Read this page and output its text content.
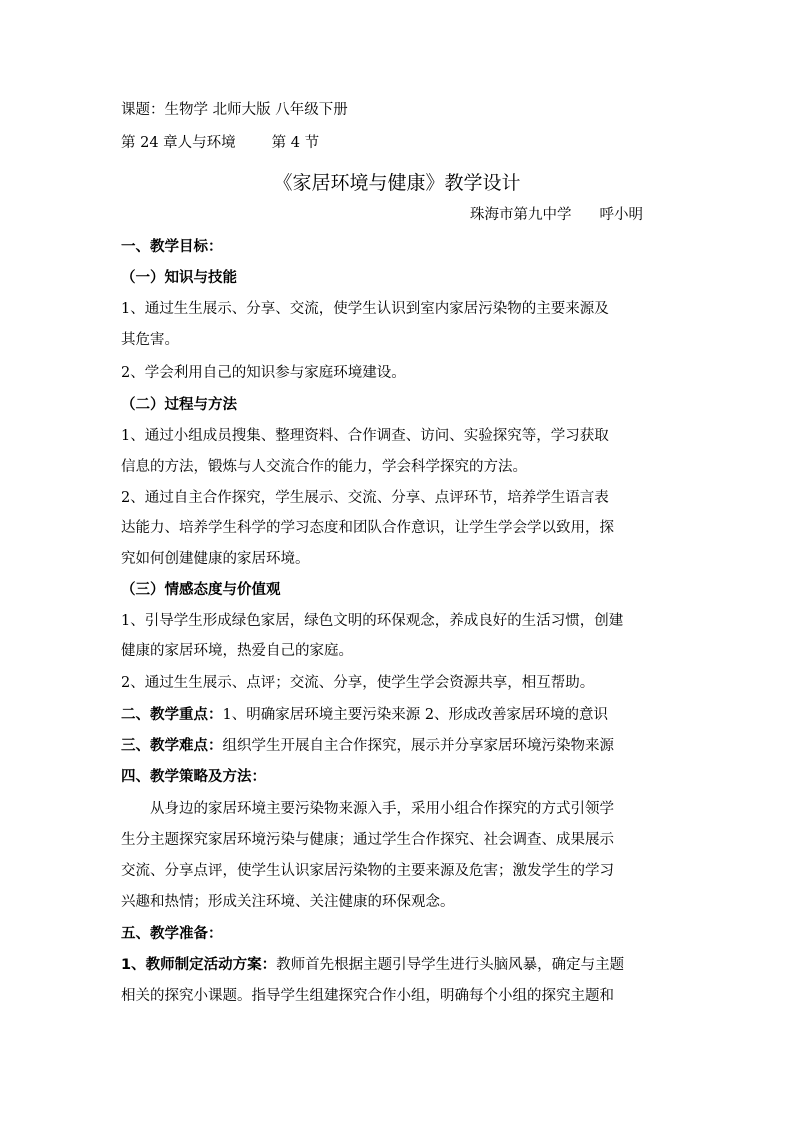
课题：生物学 北师大版 八年级下册
第 24 章人与环境 第 4 节
《家居环境与健康》教学设计
珠海市第九中学 呼小明
一、教学目标：
（一）知识与技能
1、通过生生展示、分享、交流，使学生认识到室内家居污染物的主要来源及
其危害。
2、学会利用自己的知识参与家庭环境建设。
（二）过程与方法
1、通过小组成员搜集、整理资料、合作调查、访问、实验探究等，学习获取
信息的方法，锻炼与人交流合作的能力，学会科学探究的方法。
2、通过自主合作探究，学生展示、交流、分享、点评环节，培养学生语言表
达能力、培养学生科学的学习态度和团队合作意识，让学生学会学以致用，探
究如何创建健康的家居环境。
（三）情感态度与价值观
1、引导学生形成绿色家居，绿色文明的环保观念，养成良好的生活习惯，创建
健康的家居环境，热爱自己的家庭。
2、通过生生展示、点评；交流、分享，使学生学会资源共享，相互帮助。
二、教学重点：1、明确家居环境主要污染来源 2、形成改善家居环境的意识
三、教学难点：组织学生开展自主合作探究，展示并分享家居环境污染物来源
四、教学策略及方法：
从身边的家居环境主要污染物来源入手，采用小组合作探究的方式引领学
生分主题探究家居环境污染与健康；通过学生合作探究、社会调查、成果展示
交流、分享点评，使学生认识家居污染物的主要来源及危害；激发学生的学习
兴趣和热情；形成关注环境、关注健康的环保观念。
五、教学准备：
1、教师制定活动方案：教师首先根据主题引导学生进行头脑风暴，确定与主题
相关的探究小课题。指导学生组建探究合作小组，明确每个小组的探究主题和
